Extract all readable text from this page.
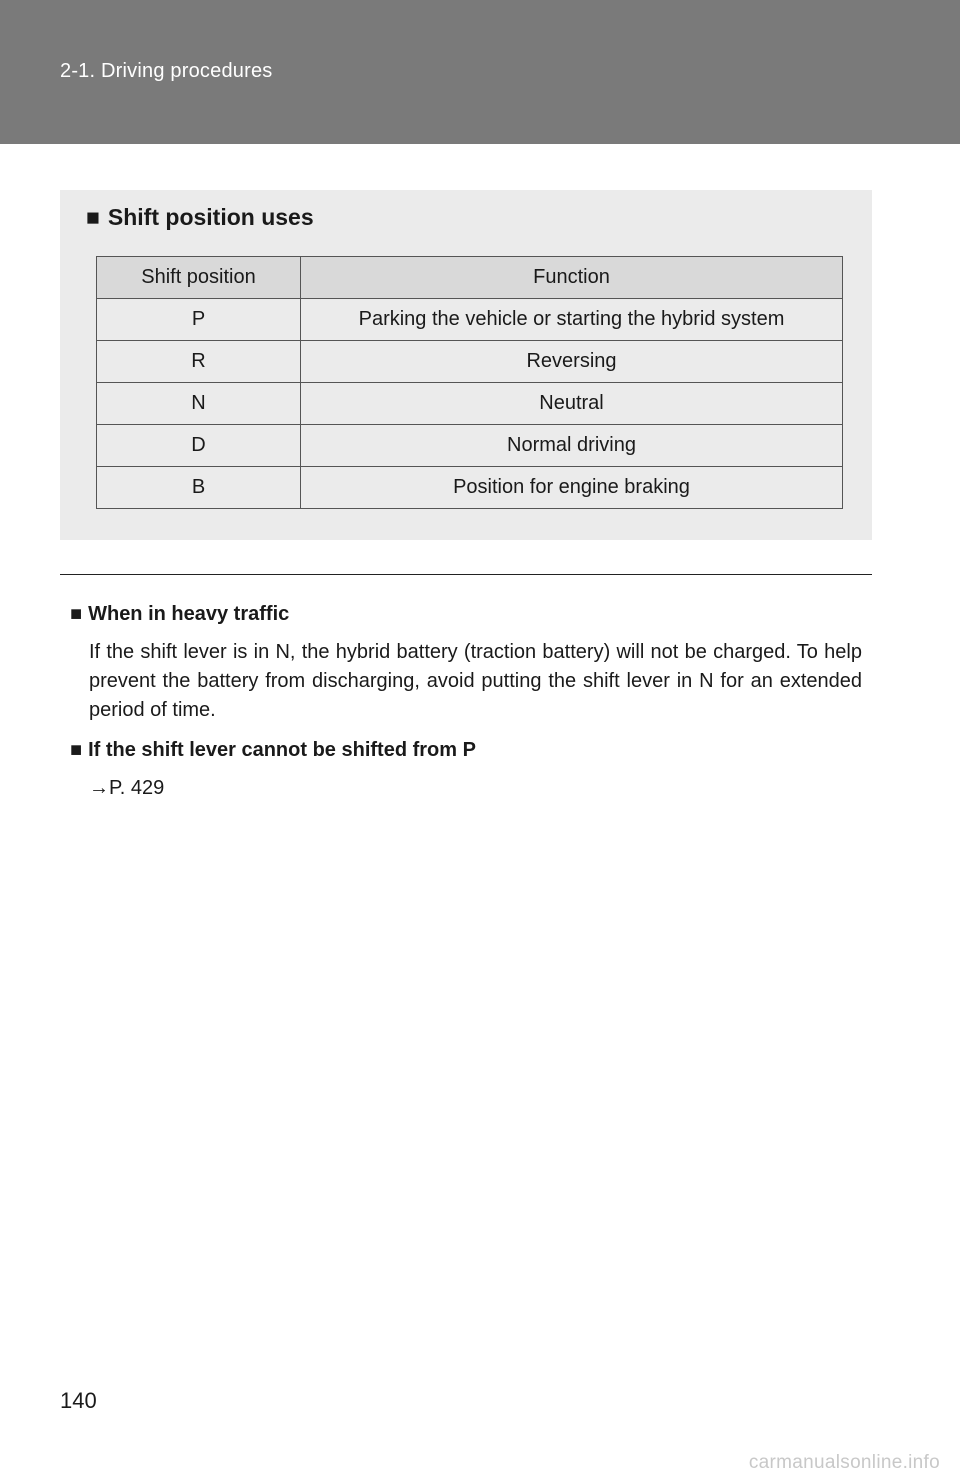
2-1. Driving procedures
■ Shift position uses
Shift position	Function
P	Parking the vehicle or starting the hybrid system
R	Reversing
N	Neutral
D	Normal driving
B	Position for engine braking
■ When in heavy traffic
If the shift lever is in N, the hybrid battery (traction battery) will not be charged. To help prevent the battery from discharging, avoid putting the shift lever in N for an extended period of time.
■ If the shift lever cannot be shifted from P
→P. 429
140
carmanualsonline.info
